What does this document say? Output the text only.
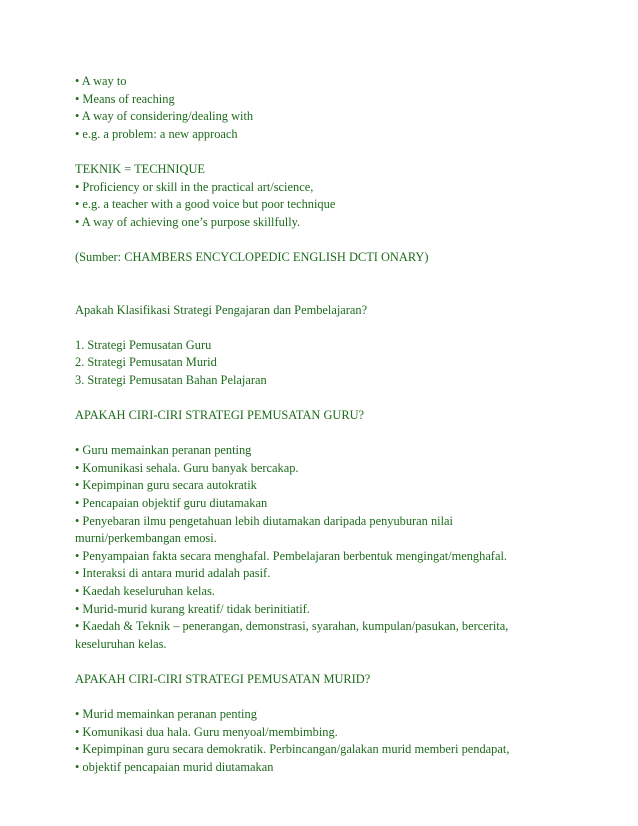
• A way to
• Means of reaching
• A way of considering/dealing with
• e.g. a problem: a new approach
TEKNIK = TECHNIQUE
• Proficiency or skill in the practical art/science,
• e.g. a teacher with a good voice but poor technique
• A way of achieving one’s purpose skillfully.
(Sumber: CHAMBERS ENCYCLOPEDIC ENGLISH DCTI ONARY)
Apakah Klasifikasi Strategi Pengajaran dan Pembelajaran?
1. Strategi Pemusatan Guru
2. Strategi Pemusatan Murid
3. Strategi Pemusatan Bahan Pelajaran
APAKAH CIRI-CIRI STRATEGI PEMUSATAN GURU?
• Guru memainkan peranan penting
• Komunikasi sehala. Guru banyak bercakap.
• Kepimpinan guru secara autokratik
• Pencapaian objektif guru diutamakan
• Penyebaran ilmu pengetahuan lebih diutamakan daripada penyuburan nilai
murni/perkembangan emosi.
• Penyampaian fakta secara menghafal. Pembelajaran berbentuk mengingat/menghafal.
• Interaksi di antara murid adalah pasif.
• Kaedah keseluruhan kelas.
• Murid-murid kurang kreatif/ tidak berinitiatif.
• Kaedah & Teknik – penerangan, demonstrasi, syarahan, kumpulan/pasukan, bercerita,
keseluruhan kelas.
APAKAH CIRI-CIRI STRATEGI PEMUSATAN MURID?
• Murid memainkan peranan penting
• Komunikasi dua hala. Guru menyoal/membimbing.
• Kepimpinan guru secara demokratik. Perbincangan/galakan murid memberi pendapat,
• objektif pencapaian murid diutamakan
